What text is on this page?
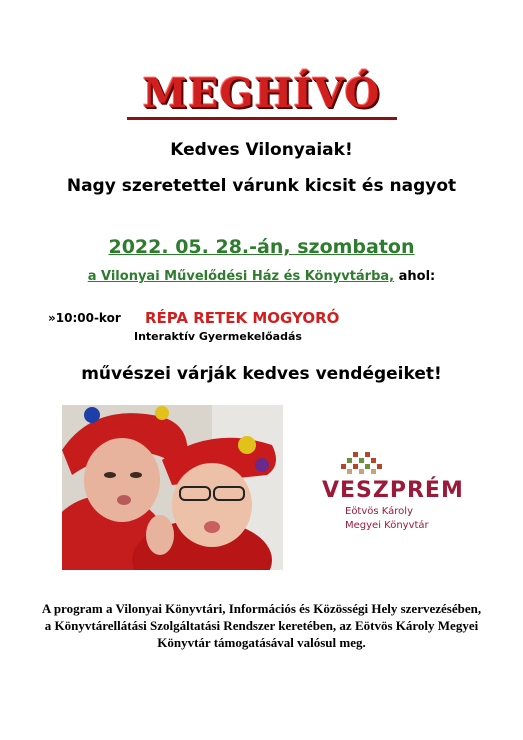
MEGHÍVÓ
Kedves Vilonyaiak!
Nagy szeretettel várunk kicsit és nagyot
2022. 05. 28.-án, szombaton
a Vilonyai Művelődési Ház és Könyvtárba, ahol:
»10:00-kor RÉPA RETEK MOGYORÓ
Interaktív Gyermekelőadás
művészei várják kedves vendégeiket!
VESZPRÉM
Eötvös Károly
Megyei Könyvtár
A program a Vilonyai Könyvtári, Információs és Közösségi Hely szervezésében, a Könyvtárellátási Szolgáltatási Rendszer keretében, az Eötvös Károly Megyei Könyvtár támogatásával valósul meg.
